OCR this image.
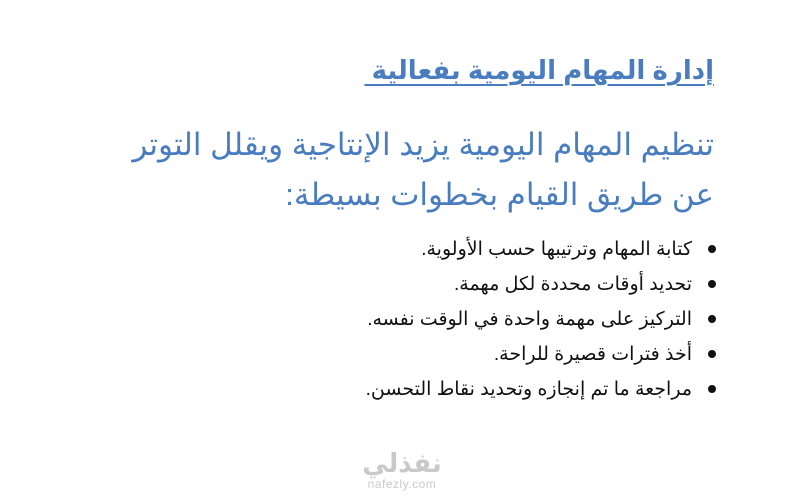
إدارة المهام اليومية بفعالية

تنظيم المهام اليومية يزيد الإنتاجية ويقلل التوتر عن طريق القيام بخطوات بسيطة:

كتابة المهام وترتيبها حسب الأولوية.
تحديد أوقات محددة لكل مهمة.
التركيز على مهمة واحدة في الوقت نفسه.
أخذ فترات قصيرة للراحة.
مراجعة ما تم إنجازه وتحديد نقاط التحسن.
نفذلي
nafezly.com
